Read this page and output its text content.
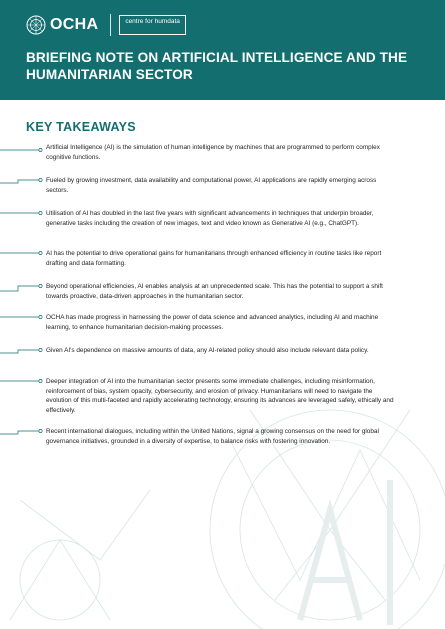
OCHA	centre for humdata
BRIEFING NOTE ON ARTIFICIAL INTELLIGENCE AND THE HUMANITARIAN SECTOR
KEY TAKEAWAYS

Artificial Intelligence (AI) is the simulation of human intelligence by machines that are programmed to perform complex cognitive functions.

Fueled by growing investment, data availability and computational power, AI applications are rapidly emerging across sectors.

Utilisation of AI has doubled in the last five years with significant advancements in techniques that underpin broader, generative tasks including the creation of new images, text and video known as Generative AI (e.g., ChatGPT).

AI has the potential to drive operational gains for humanitarians through enhanced efficiency in routine tasks like report drafting and data formatting.

Beyond operational efficiencies, AI enables analysis at an unprecedented scale. This has the potential to support a shift towards proactive, data-driven approaches in the humanitarian sector.

OCHA has made progress in harnessing the power of data science and advanced analytics, including AI and machine learning, to enhance humanitarian decision-making processes.

Given AI's dependence on massive amounts of data, any AI-related policy should also include relevant data policy.

Deeper integration of AI into the humanitarian sector presents some immediate challenges, including misinformation, reinforcement of bias, system opacity, cybersecurity, and erosion of privacy. Humanitarians will need to navigate the evolution of this multi-faceted and rapidly accelerating technology, ensuring its advances are leveraged safely, ethically and effectively.

Recent international dialogues, including within the United Nations, signal a growing consensus on the need for global governance initiatives, grounded in a diversity of expertise, to balance risks with fostering innovation.
